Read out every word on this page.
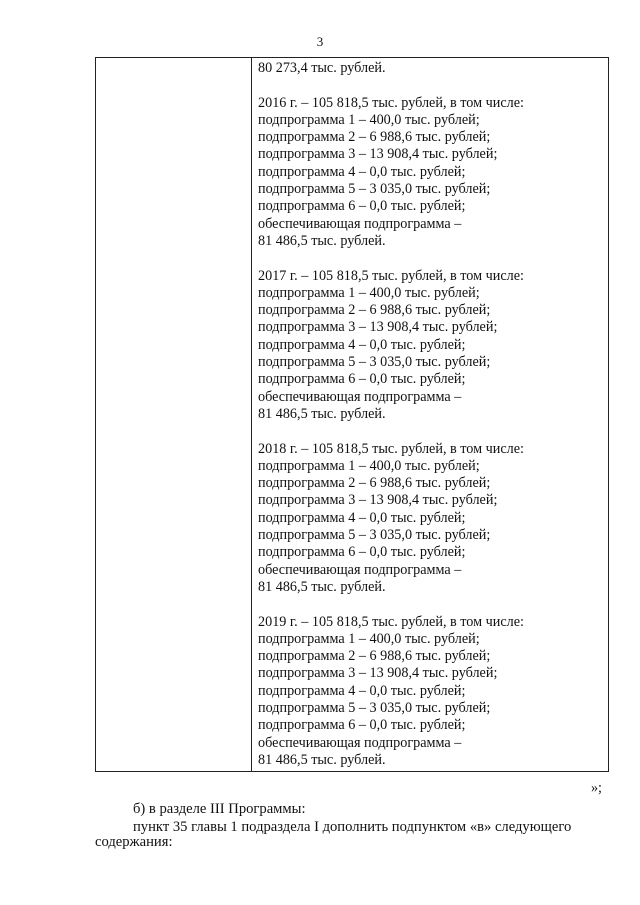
3
80 273,4 тыс. рублей.
2016 г. – 105 818,5 тыс. рублей, в том числе:
подпрограмма 1 – 400,0 тыс. рублей;
подпрограмма 2 – 6 988,6 тыс. рублей;
подпрограмма 3 – 13 908,4 тыс. рублей;
подпрограмма 4 – 0,0 тыс. рублей;
подпрограмма 5 – 3 035,0 тыс. рублей;
подпрограмма 6 – 0,0 тыс. рублей;
обеспечивающая подпрограмма –
81 486,5 тыс. рублей.
2017 г. – 105 818,5 тыс. рублей, в том числе:
подпрограмма 1 – 400,0 тыс. рублей;
подпрограмма 2 – 6 988,6 тыс. рублей;
подпрограмма 3 – 13 908,4 тыс. рублей;
подпрограмма 4 – 0,0 тыс. рублей;
подпрограмма 5 – 3 035,0 тыс. рублей;
подпрограмма 6 – 0,0 тыс. рублей;
обеспечивающая подпрограмма –
81 486,5 тыс. рублей.
2018 г. – 105 818,5 тыс. рублей, в том числе:
подпрограмма 1 – 400,0 тыс. рублей;
подпрограмма 2 – 6 988,6 тыс. рублей;
подпрограмма 3 – 13 908,4 тыс. рублей;
подпрограмма 4 – 0,0 тыс. рублей;
подпрограмма 5 – 3 035,0 тыс. рублей;
подпрограмма 6 – 0,0 тыс. рублей;
обеспечивающая подпрограмма –
81 486,5 тыс. рублей.
2019 г. – 105 818,5 тыс. рублей, в том числе:
подпрограмма 1 – 400,0 тыс. рублей;
подпрограмма 2 – 6 988,6 тыс. рублей;
подпрограмма 3 – 13 908,4 тыс. рублей;
подпрограмма 4 – 0,0 тыс. рублей;
подпрограмма 5 – 3 035,0 тыс. рублей;
подпрограмма 6 – 0,0 тыс. рублей;
обеспечивающая подпрограмма –
81 486,5 тыс. рублей.
»;
б) в разделе III Программы:
пункт 35 главы 1 подраздела I дополнить подпунктом «в» следующего
содержания:
